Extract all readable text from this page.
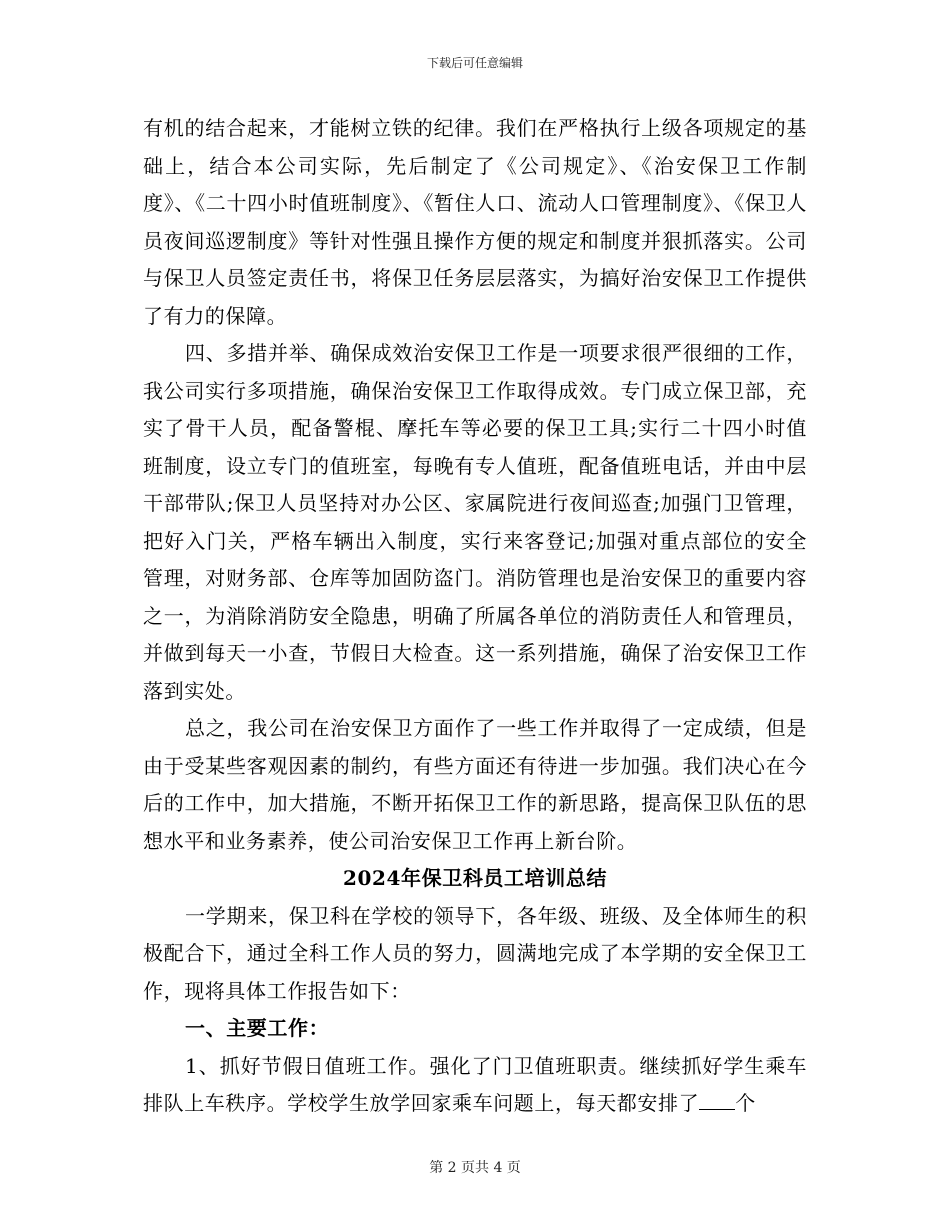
下载后可任意编辑

有机的结合起来，才能树立铁的纪律。我们在严格执行上级各项规定的基础上，结合本公司实际，先后制定了《公司规定》、《治安保卫工作制度》、《二十四小时值班制度》、《暂住人口、流动人口管理制度》、《保卫人员夜间巡逻制度》等针对性强且操作方便的规定和制度并狠抓落实。公司与保卫人员签定责任书，将保卫任务层层落实，为搞好治安保卫工作提供了有力的保障。

四、多措并举、确保成效治安保卫工作是一项要求很严很细的工作，我公司实行多项措施，确保治安保卫工作取得成效。专门成立保卫部，充实了骨干人员，配备警棍、摩托车等必要的保卫工具;实行二十四小时值班制度，设立专门的值班室，每晚有专人值班，配备值班电话，并由中层干部带队;保卫人员坚持对办公区、家属院进行夜间巡查;加强门卫管理，把好入门关，严格车辆出入制度，实行来客登记;加强对重点部位的安全管理，对财务部、仓库等加固防盗门。消防管理也是治安保卫的重要内容之一，为消除消防安全隐患，明确了所属各单位的消防责任人和管理员，并做到每天一小查，节假日大检查。这一系列措施，确保了治安保卫工作落到实处。

总之，我公司在治安保卫方面作了一些工作并取得了一定成绩，但是由于受某些客观因素的制约，有些方面还有待进一步加强。我们决心在今后的工作中，加大措施，不断开拓保卫工作的新思路，提高保卫队伍的思想水平和业务素养，使公司治安保卫工作再上新台阶。

2024年保卫科员工培训总结

一学期来，保卫科在学校的领导下，各年级、班级、及全体师生的积极配合下，通过全科工作人员的努力，圆满地完成了本学期的安全保卫工作，现将具体工作报告如下：

一、主要工作：

1、抓好节假日值班工作。强化了门卫值班职责。继续抓好学生乘车排队上车秩序。学校学生放学回家乘车问题上，每天都安排了 个

第 2 页共 4 页
